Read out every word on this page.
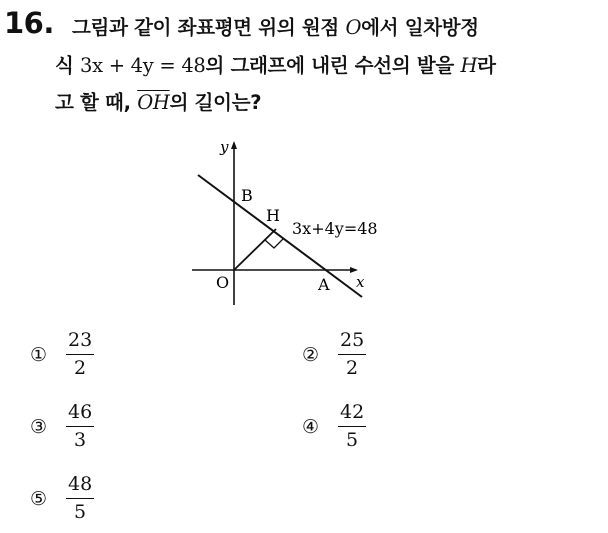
16. 그림과 같이 좌표평면 위의 원점 O에서 일차방정
식 3x + 4y = 48의 그래프에 내린 수선의 발을 H라
고 할 때, $\overline{OH}$의 길이는?
y
x
O	A
B
H
3x+4y=48
① $\frac{23}{2}$	② $\frac{25}{2}$
③ $\frac{46}{3}$	④ $\frac{42}{5}$
⑤ $\frac{48}{5}$
